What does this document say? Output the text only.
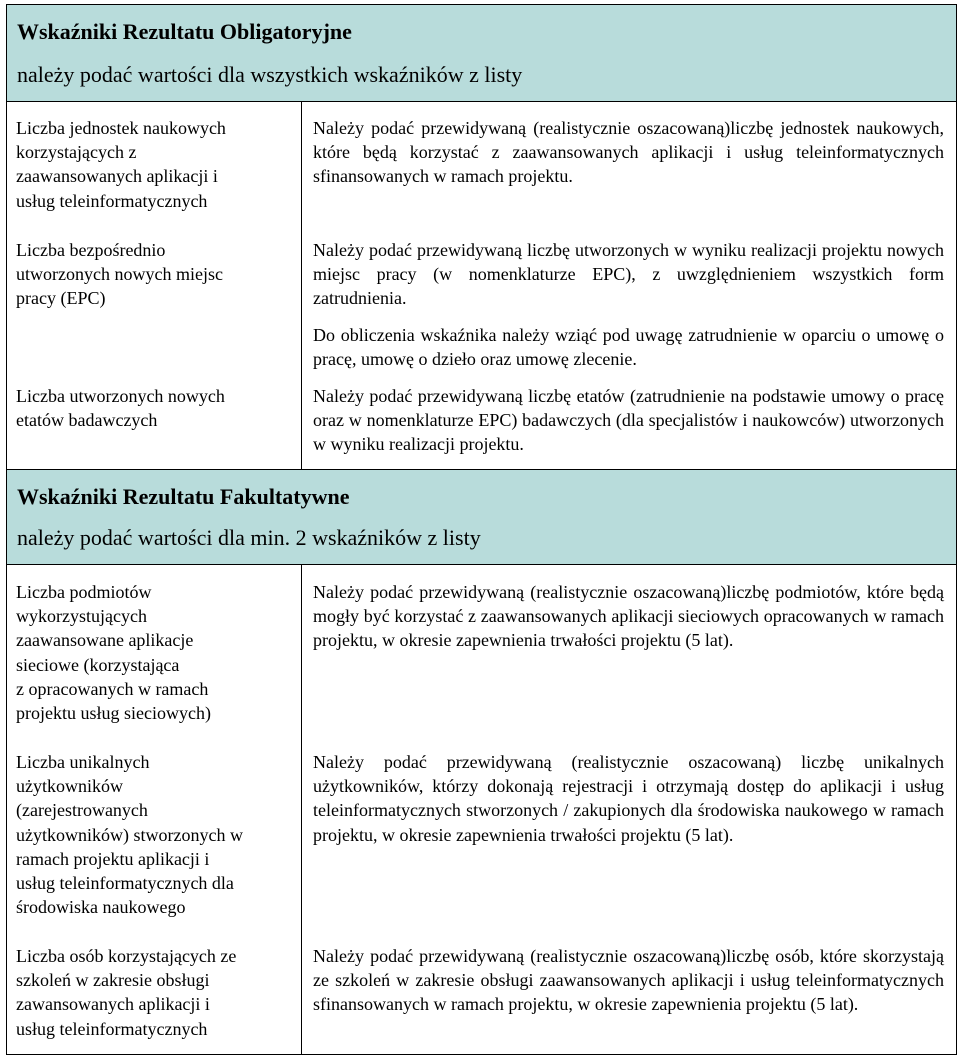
Wskaźniki Rezultatu Obligatoryjne
należy podać wartości dla wszystkich wskaźników z listy
Wskaźniki Rezultatu Fakultatywne
należy podać wartości dla min. 2 wskaźników z listy
Liczba jednostek naukowych
korzystających z
zaawansowanych aplikacji i
usług teleinformatycznych
Należy podać przewidywaną (realistycznie oszacowaną)liczbę jednostek naukowych, które będą korzystać z zaawansowanych aplikacji i usług teleinformatycznych sfinansowanych w ramach projektu.
Liczba bezpośrednio
utworzonych nowych miejsc
pracy (EPC)
Należy podać przewidywaną liczbę utworzonych w wyniku realizacji projektu nowych miejsc pracy (w nomenklaturze EPC), z uwzględnieniem wszystkich form zatrudnienia.
Do obliczenia wskaźnika należy wziąć pod uwagę zatrudnienie w oparciu o umowę o pracę, umowę o dzieło oraz umowę zlecenie.
Liczba utworzonych nowych
etatów badawczych
Należy podać przewidywaną liczbę etatów (zatrudnienie na podstawie umowy o pracę oraz w nomenklaturze EPC) badawczych (dla specjalistów i naukowców) utworzonych w wyniku realizacji projektu.
Liczba podmiotów
wykorzystujących
zaawansowane aplikacje
sieciowe (korzystająca
z opracowanych w ramach
projektu usług sieciowych)
Należy podać przewidywaną (realistycznie oszacowaną)liczbę podmiotów, które będą mogły być korzystać z zaawansowanych aplikacji sieciowych opracowanych w ramach projektu, w okresie zapewnienia trwałości projektu (5 lat).
Liczba unikalnych
użytkowników
(zarejestrowanych
użytkowników) stworzonych w
ramach projektu aplikacji i
usług teleinformatycznych dla
środowiska naukowego
Należy podać przewidywaną (realistycznie oszacowaną) liczbę unikalnych użytkowników, którzy dokonają rejestracji i otrzymają dostęp do aplikacji i usług teleinformatycznych stworzonych / zakupionych dla środowiska naukowego w ramach projektu, w okresie zapewnienia trwałości projektu (5 lat).
Liczba osób korzystających ze
szkoleń w zakresie obsługi
zawansowanych aplikacji i
usług teleinformatycznych
Należy podać przewidywaną (realistycznie oszacowaną)liczbę osób, które skorzystają ze szkoleń w zakresie obsługi zaawansowanych aplikacji i usług teleinformatycznych sfinansowanych w ramach projektu, w okresie zapewnienia projektu (5 lat).
